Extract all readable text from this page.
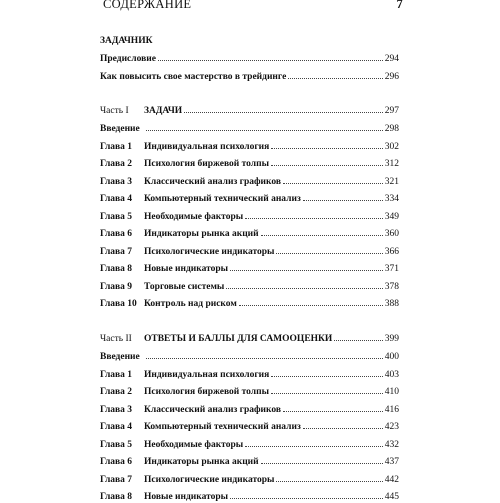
СОДЕРЖАНИЕ	7
ЗАДАЧНИК
Предисловие	294
Как повысить свое мастерство в трейдинге	296
Часть I	ЗАДАЧИ	297
Введение	298
Глава 1	Индивидуальная психология	302
Глава 2	Психология биржевой толпы	312
Глава 3	Классический анализ графиков	321
Глава 4	Компьютерный технический анализ	334
Глава 5	Необходимые факторы	349
Глава 6	Индикаторы рынка акций	360
Глава 7	Психологические индикаторы	366
Глава 8	Новые индикаторы	371
Глава 9	Торговые системы	378
Глава 10 Контроль над риском	388
Часть II	ОТВЕТЫ И БАЛЛЫ ДЛЯ САМООЦЕНКИ	399
Введение	400
Глава 1	Индивидуальная психология	403
Глава 2	Психология биржевой толпы	410
Глава 3	Классический анализ графиков	416
Глава 4	Компьютерный технический анализ	423
Глава 5	Необходимые факторы	432
Глава 6	Индикаторы рынка акций	437
Глава 7	Психологические индикаторы	442
Глава 8	Новые индикаторы	445
